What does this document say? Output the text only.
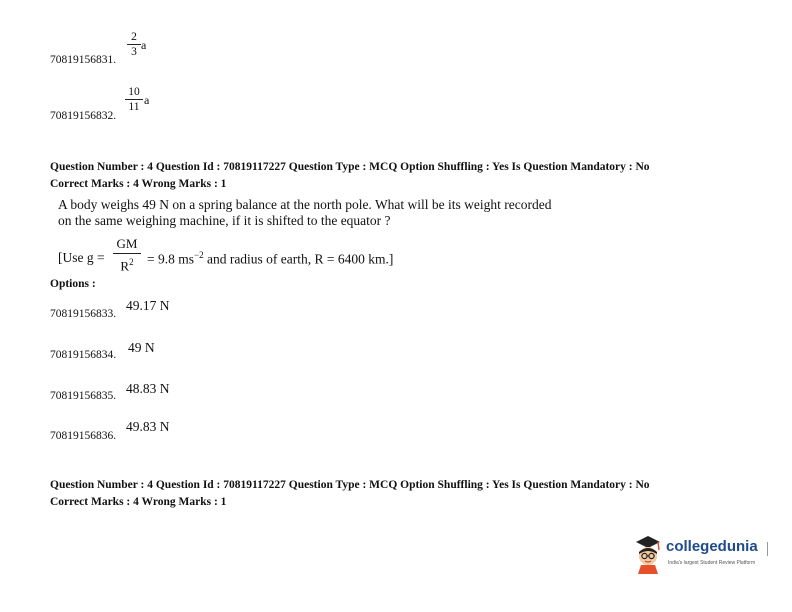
2
3 a
70819156831.
10
11 a
70819156832.
Question Number : 4 Question Id : 70819117227 Question Type : MCQ Option Shuffling : Yes Is Question Mandatory : No
Correct Marks : 4 Wrong Marks : 1
A body weighs 49 N on a spring balance at the north pole. What will be its weight recorded
on the same weighing machine, if it is shifted to the equator ?
[Use g =
GM
$R^2 = 9.8$ $ms^{-2}$ and radius of earth, R = 6400 km.]
Options :
49.17 N
70819156833.
49 N
70819156834.
48.83 N
70819156835.
49.83 N
70819156836.
Question Number : 4 Question Id : 70819117227 Question Type : MCQ Option Shuffling : Yes Is Question Mandatory : No
Correct Marks : 4 Wrong Marks : 1
collegedunia
India's largest Student Review Platform
